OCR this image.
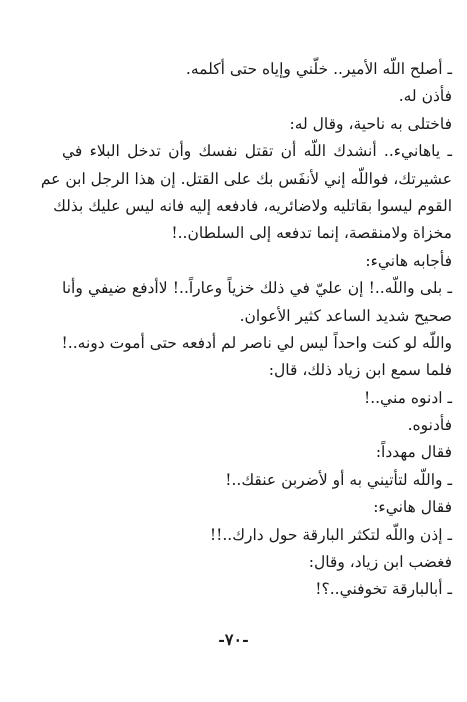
ـ أصلح اللّه الأمير.. خلّني وإياه حتى أكلمه.
فأذن له.
فاختلى به ناحية، وقال له:
ـ ياهانيء.. أنشدك اللّه أن تقتل نفسك وأن تدخل البلاء في
عشيرتك، فواللّه إني لأنفَس بك على القتل. إن هذا الرجل ابن عم
القوم ليسوا بقاتليه ولاضائريه، فادفعه إليه فانه ليس عليك بذلك
مخزاة ولامنقصة، إنما تدفعه إلى السلطان..!
فأجابه هانيء:
ـ بلى واللّه..! إن عليّ في ذلك خزياً وعاراً..! لاأدفع ضيفي وأنا
صحيح شديد الساعد كثير الأعوان.
واللّه لو كنت واحداً ليس لي ناصر لم أدفعه حتى أموت دونه..!
فلما سمع ابن زياد ذلك، قال:
ـ ادنوه مني..!
فأدنوه.
فقال مهدداً:
ـ واللّه لتأتيني به أو لأضربن عنقك..!
فقال هانيء:
ـ إذن واللّه لتكثر البارقة حول دارك..!!
فغضب ابن زياد، وقال:
ـ أبالبارقة تخوفني..؟!
-٧٠-
